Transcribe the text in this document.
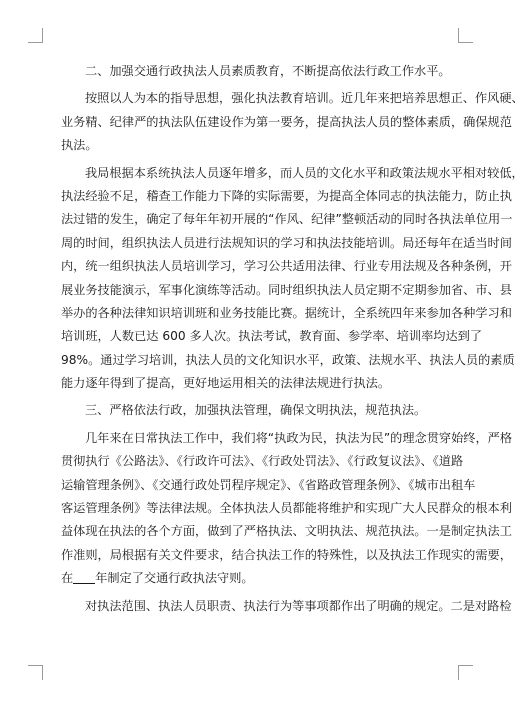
二、加强交通行政执法人员素质教育，不断提高依法行政工作水平。
按照以人为本的指导思想，强化执法教育培训。近几年来把培养思想正、作风硬、
业务精、纪律严的执法队伍建设作为第一要务，提高执法人员的整体素质，确保规范
执法。
我局根据本系统执法人员逐年增多，而人员的文化水平和政策法规水平相对较低，
执法经验不足，稽查工作能力下降的实际需要，为提高全体同志的执法能力，防止执
法过错的发生，确定了每年年初开展的“作风、纪律”整顿活动的同时各执法单位用一
周的时间，组织执法人员进行法规知识的学习和执法技能培训。局还每年在适当时间
内，统一组织执法人员培训学习，学习公共适用法律、行业专用法规及各种条例，开
展业务技能演示，军事化演练等活动。同时组织执法人员定期不定期参加省、市、县
举办的各种法律知识培训班和业务技能比赛。据统计，全系统四年来参加各种学习和
培训班，人数已达 600 多人次。执法考试，教育面、参学率、培训率均达到了
98%。通过学习培训，执法人员的文化知识水平，政策、法规水平、执法人员的素质
能力逐年得到了提高，更好地运用相关的法律法规进行执法。
三、严格依法行政，加强执法管理，确保文明执法，规范执法。
几年来在日常执法工作中，我们将“执政为民，执法为民”的理念贯穿始终，严格
贯彻执行《公路法》、《行政许可法》、《行政处罚法》、《行政复议法》、《道路
运输管理条例》、《交通行政处罚程序规定》、《省路政管理条例》、《城市出租车
客运管理条例》等法律法规。全体执法人员都能将维护和实现广大人民群众的根本利
益体现在执法的各个方面，做到了严格执法、文明执法、规范执法。一是制定执法工
作准则，局根据有关文件要求，结合执法工作的特殊性，以及执法工作现实的需要，
在 年制定了交通行政执法守则。
对执法范围、执法人员职责、执法行为等事项都作出了明确的规定。二是对路检
